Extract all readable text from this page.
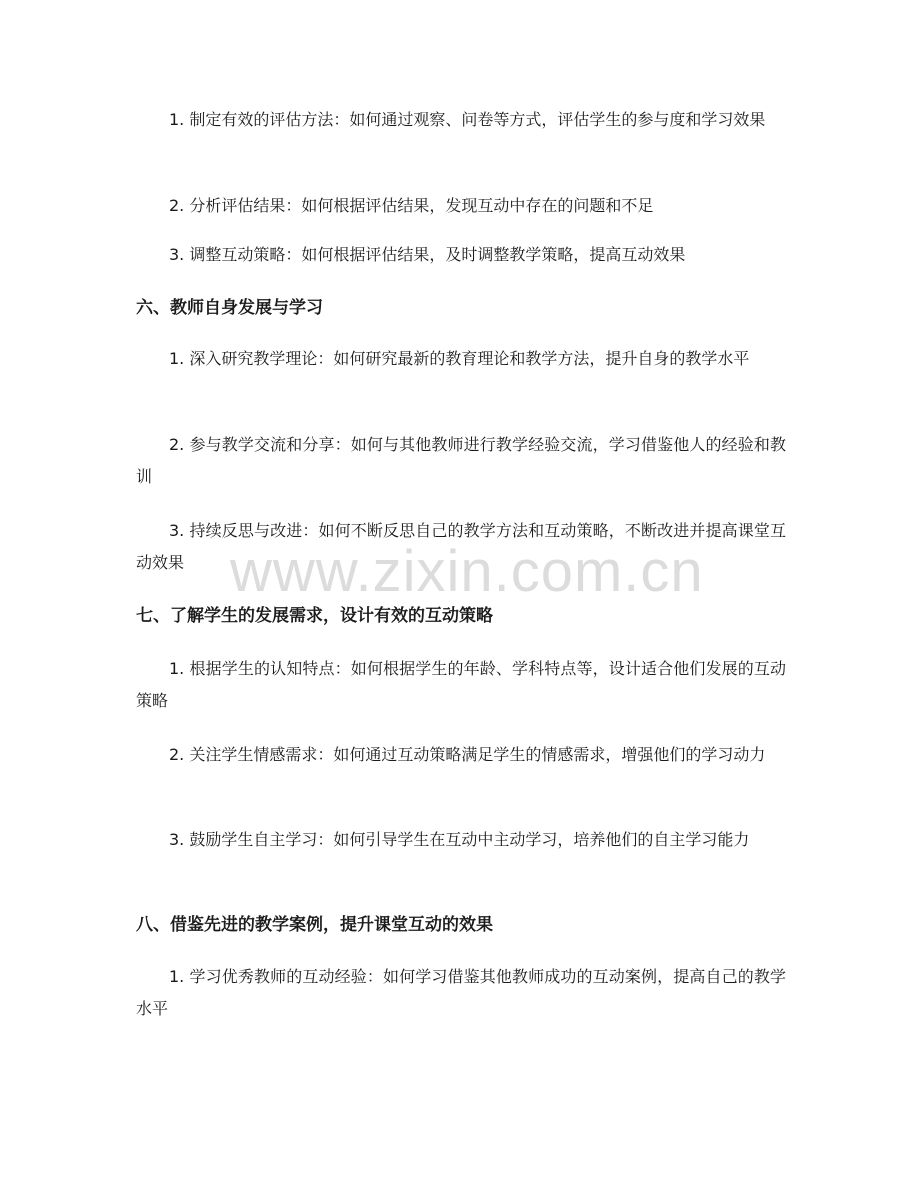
1. 制定有效的评估方法：如何通过观察、问卷等方式，评估学生的参与度和学习效果

2. 分析评估结果：如何根据评估结果，发现互动中存在的问题和不足

3. 调整互动策略：如何根据评估结果，及时调整教学策略，提高互动效果

六、教师自身发展与学习

1. 深入研究教学理论：如何研究最新的教育理论和教学方法，提升自身的教学水平

2. 参与教学交流和分享：如何与其他教师进行教学经验交流，学习借鉴他人的经验和教训

3. 持续反思与改进：如何不断反思自己的教学方法和互动策略，不断改进并提高课堂互动效果

七、了解学生的发展需求，设计有效的互动策略

1. 根据学生的认知特点：如何根据学生的年龄、学科特点等，设计适合他们发展的互动策略

2. 关注学生情感需求：如何通过互动策略满足学生的情感需求，增强他们的学习动力

3. 鼓励学生自主学习：如何引导学生在互动中主动学习，培养他们的自主学习能力

八、借鉴先进的教学案例，提升课堂互动的效果

1. 学习优秀教师的互动经验：如何学习借鉴其他教师成功的互动案例，提高自己的教学水平

www.zixin.com.cn
